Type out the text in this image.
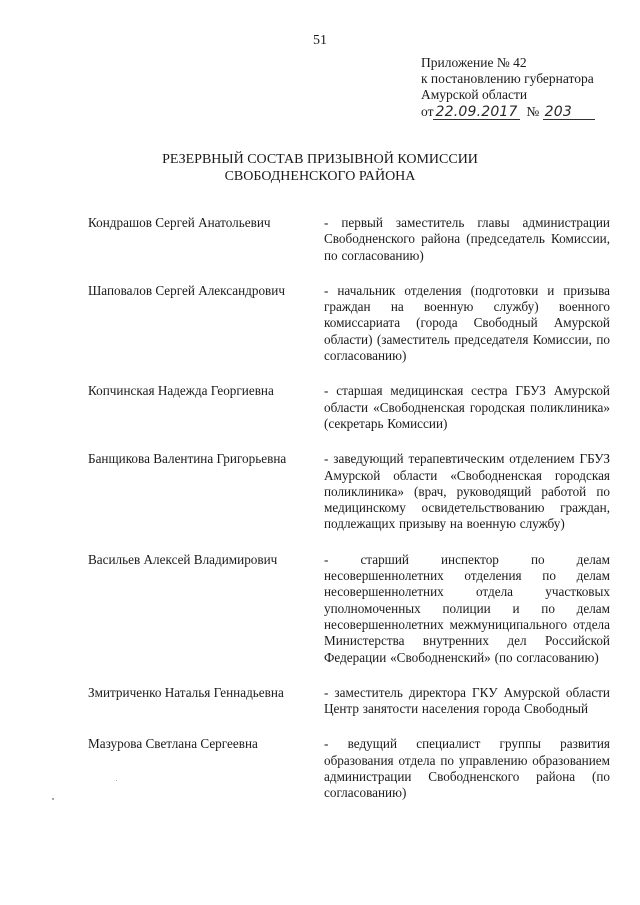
51
Приложение № 42
к постановлению губернатора
Амурской области
от 22.09.2017 № 203
РЕЗЕРВНЫЙ СОСТАВ ПРИЗЫВНОЙ КОМИССИИ
СВОБОДНЕНСКОГО РАЙОНА
Кондрашов Сергей Анатольевич	- первый заместитель главы администрации Свободненского района (председатель Комиссии, по согласованию)
Шаповалов Сергей Александрович	- начальник отделения (подготовки и призыва граждан на военную службу) военного комиссариата (города Свободный Амурской области) (заместитель председателя Комиссии, по согласованию)
Копчинская Надежда Георгиевна	- старшая медицинская сестра ГБУЗ Амурской области «Свободненская городская поликлиника» (секретарь Комиссии)
Банщикова Валентина Григорьевна	- заведующий терапевтическим отделением ГБУЗ Амурской области «Свободненская городская поликлиника» (врач, руководящий работой по медицинскому освидетельствованию граждан, подлежащих призыву на военную службу)
Васильев Алексей Владимирович	- старший инспектор по делам несовершеннолетних отделения по делам несовершеннолетних отдела участковых уполномоченных полиции и по делам несовершеннолетних межмуниципального отдела Министерства внутренних дел Российской Федерации «Свободненский» (по согласованию)
Змитриченко Наталья Геннадьевна	- заместитель директора ГКУ Амурской области Центр занятости населения города Свободный
Мазурова Светлана Сергеевна	- ведущий специалист группы развития образования отдела по управлению образованием администрации Свободненского района (по согласованию)
